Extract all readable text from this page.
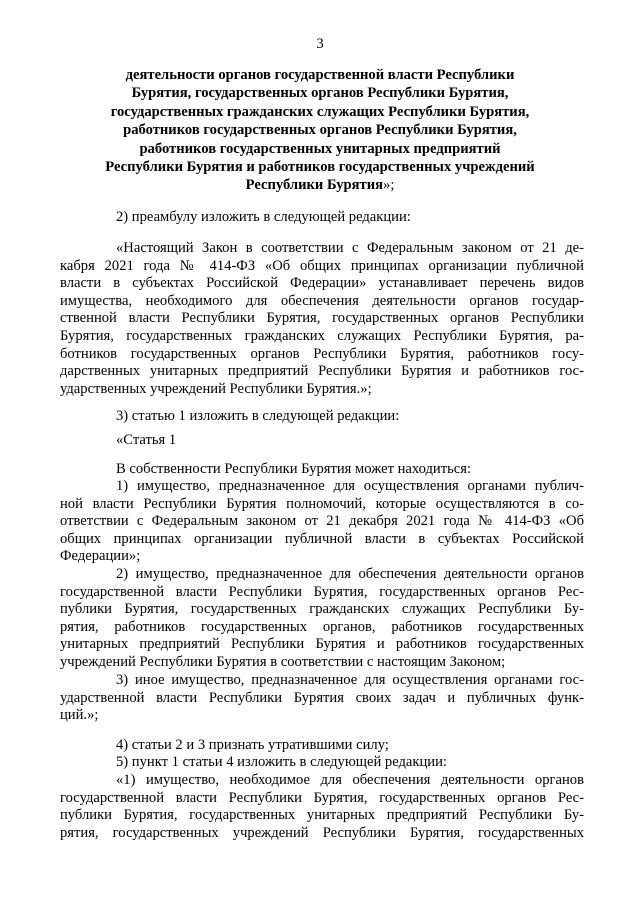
3
деятельности органов государственной власти Республики
Бурятия, государственных органов Республики Бурятия,
государственных гражданских служащих Республики Бурятия,
работников государственных органов Республики Бурятия,
работников государственных унитарных предприятий
Республики Бурятия и работников государственных учреждений
Республики Бурятия»;
2) преамбулу изложить в следующей редакции:
«Настоящий Закон в соответствии с Федеральным законом от 21 де-
кабря 2021 года № 414-ФЗ «Об общих принципах организации публичной
власти в субъектах Российской Федерации» устанавливает перечень видов
имущества, необходимого для обеспечения деятельности органов государ-
ственной власти Республики Бурятия, государственных органов Республики
Бурятия, государственных гражданских служащих Республики Бурятия, ра-
ботников государственных органов Республики Бурятия, работников госу-
дарственных унитарных предприятий Республики Бурятия и работников гос-
ударственных учреждений Республики Бурятия.»;
3) статью 1 изложить в следующей редакции:
«Статья 1
В собственности Республики Бурятия может находиться:
1) имущество, предназначенное для осуществления органами публич-
ной власти Республики Бурятия полномочий, которые осуществляются в со-
ответствии с Федеральным законом от 21 декабря 2021 года № 414-ФЗ «Об
общих принципах организации публичной власти в субъектах Российской
Федерации»;
2) имущество, предназначенное для обеспечения деятельности органов
государственной власти Республики Бурятия, государственных органов Рес-
публики Бурятия, государственных гражданских служащих Республики Бу-
рятия, работников государственных органов, работников государственных
унитарных предприятий Республики Бурятия и работников государственных
учреждений Республики Бурятия в соответствии с настоящим Законом;
3) иное имущество, предназначенное для осуществления органами гос-
ударственной власти Республики Бурятия своих задач и публичных функ-
ций.»;
4) статьи 2 и 3 признать утратившими силу;
5) пункт 1 статьи 4 изложить в следующей редакции:
«1) имущество, необходимое для обеспечения деятельности органов
государственной власти Республики Бурятия, государственных органов Рес-
публики Бурятия, государственных унитарных предприятий Республики Бу-
рятия, государственных учреждений Республики Бурятия, государственных
